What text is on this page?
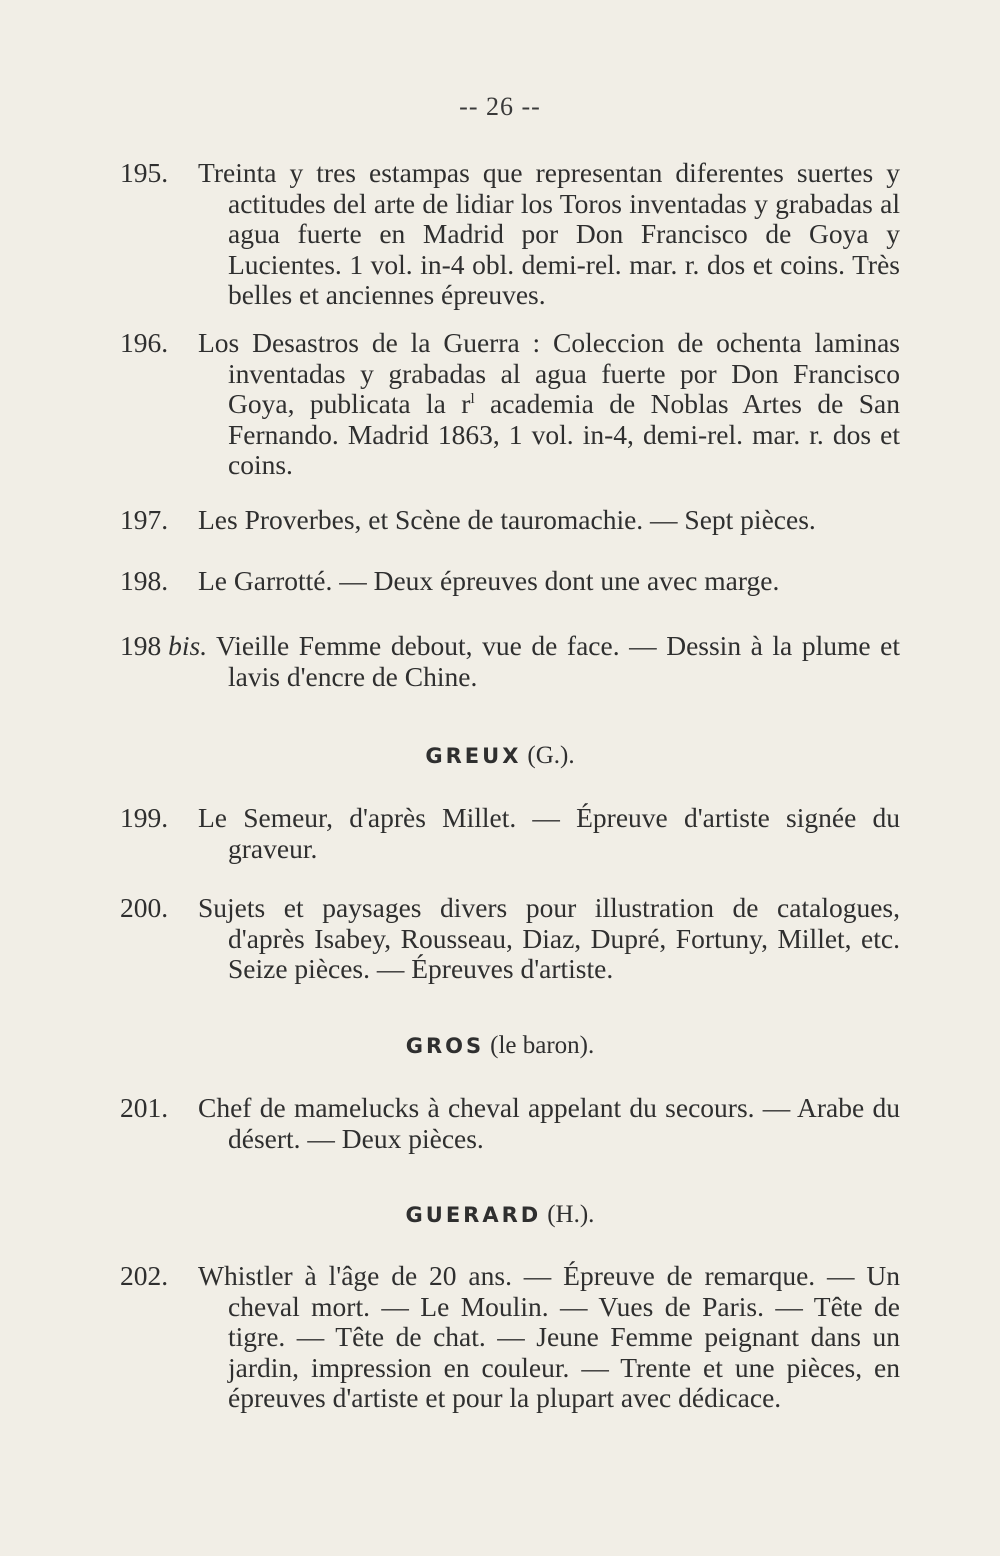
-- 26 --
195. Treinta y tres estampas que representan diferentes suertes y actitudes del arte de lidiar los Toros inventadas y grabadas al agua fuerte en Madrid por Don Francisco de Goya y Lucientes. 1 vol. in-4 obl. demi-rel. mar. r. dos et coins. Très belles et anciennes épreuves.
196. Los Desastros de la Guerra : Coleccion de ochenta laminas inventadas y grabadas al agua fuerte por Don Francisco Goya, publicata la $r^l$ academia de Noblas Artes de San Fernando. Madrid 1863, 1 vol. in-4, demi-rel. mar. r. dos et coins.
197. Les Proverbes, et Scène de tauromachie. — Sept pièces.
198. Le Garrotté. — Deux épreuves dont une avec marge.
198 bis. Vieille Femme debout, vue de face. — Dessin à la plume et lavis d'encre de Chine.
GREUX (G.).
199. Le Semeur, d'après Millet. — Épreuve d'artiste signée du graveur.
200. Sujets et paysages divers pour illustration de catalogues, d'après Isabey, Rousseau, Diaz, Dupré, Fortuny, Millet, etc. Seize pièces. — Épreuves d'artiste.
GROS (le baron).
201. Chef de mamelucks à cheval appelant du secours. — Arabe du désert. — Deux pièces.
GUERARD (H.).
202. Whistler à l'âge de 20 ans. — Épreuve de remarque. — Un cheval mort. — Le Moulin. — Vues de Paris. — Tête de tigre. — Tête de chat. — Jeune Femme peignant dans un jardin, impression en couleur. — Trente et une pièces, en épreuves d'artiste et pour la plupart avec dédicace.
